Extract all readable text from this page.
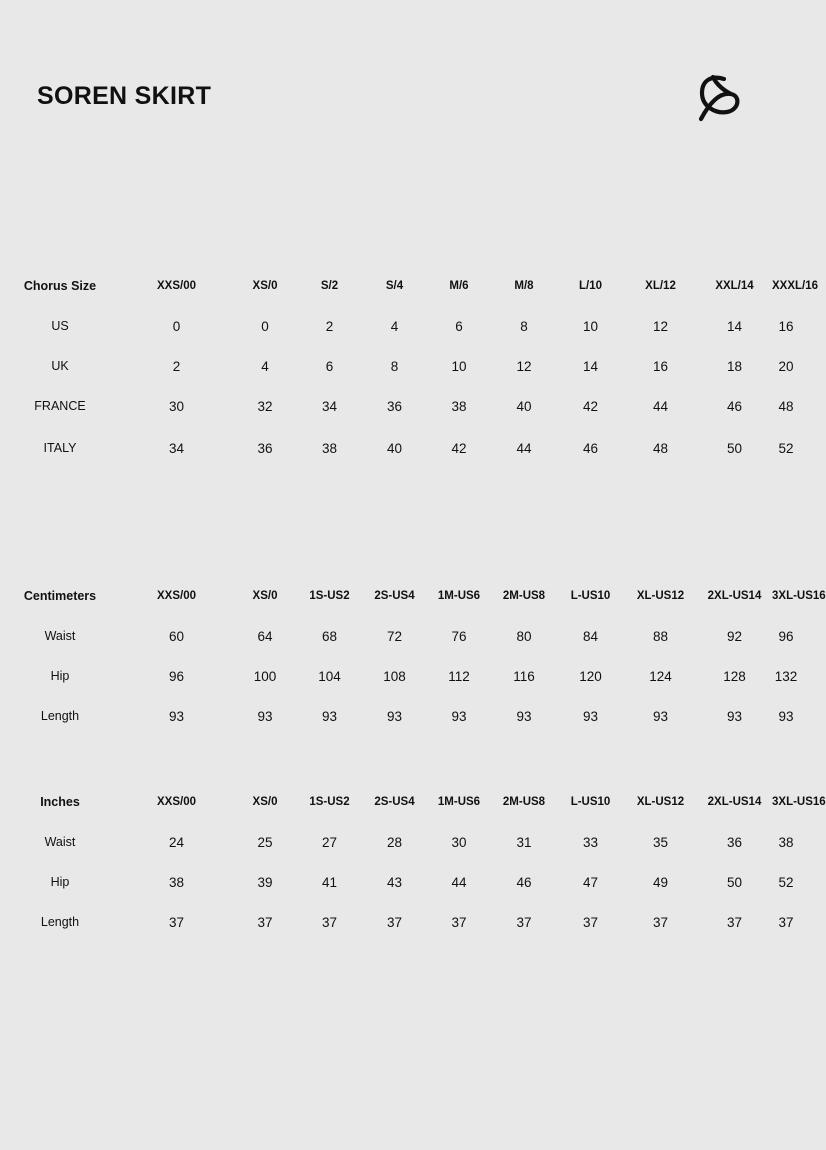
SOREN SKIRT
Chorus Size	XXS/00	XS/0	S/2	S/4	M/6	M/8	L/10	XL/12	XXL/14	XXXL/16
US	0	0	2	4	6	8	10	12	14	16
UK	2	4	6	8	10	12	14	16	18	20
FRANCE	30	32	34	36	38	40	42	44	46	48
ITALY	34	36	38	40	42	44	46	48	50	52
Centimeters	XXS/00	XS/0	1S-US2	2S-US4	1M-US6	2M-US8	L-US10	XL-US12	2XL-US14	3XL-US16
Waist	60	64	68	72	76	80	84	88	92	96
Hip	96	100	104	108	112	116	120	124	128	132
Length	93	93	93	93	93	93	93	93	93	93
Inches	XXS/00	XS/0	1S-US2	2S-US4	1M-US6	2M-US8	L-US10	XL-US12	2XL-US14	3XL-US16
Waist	24	25	27	28	30	31	33	35	36	38
Hip	38	39	41	43	44	46	47	49	50	52
Length	37	37	37	37	37	37	37	37	37	37
